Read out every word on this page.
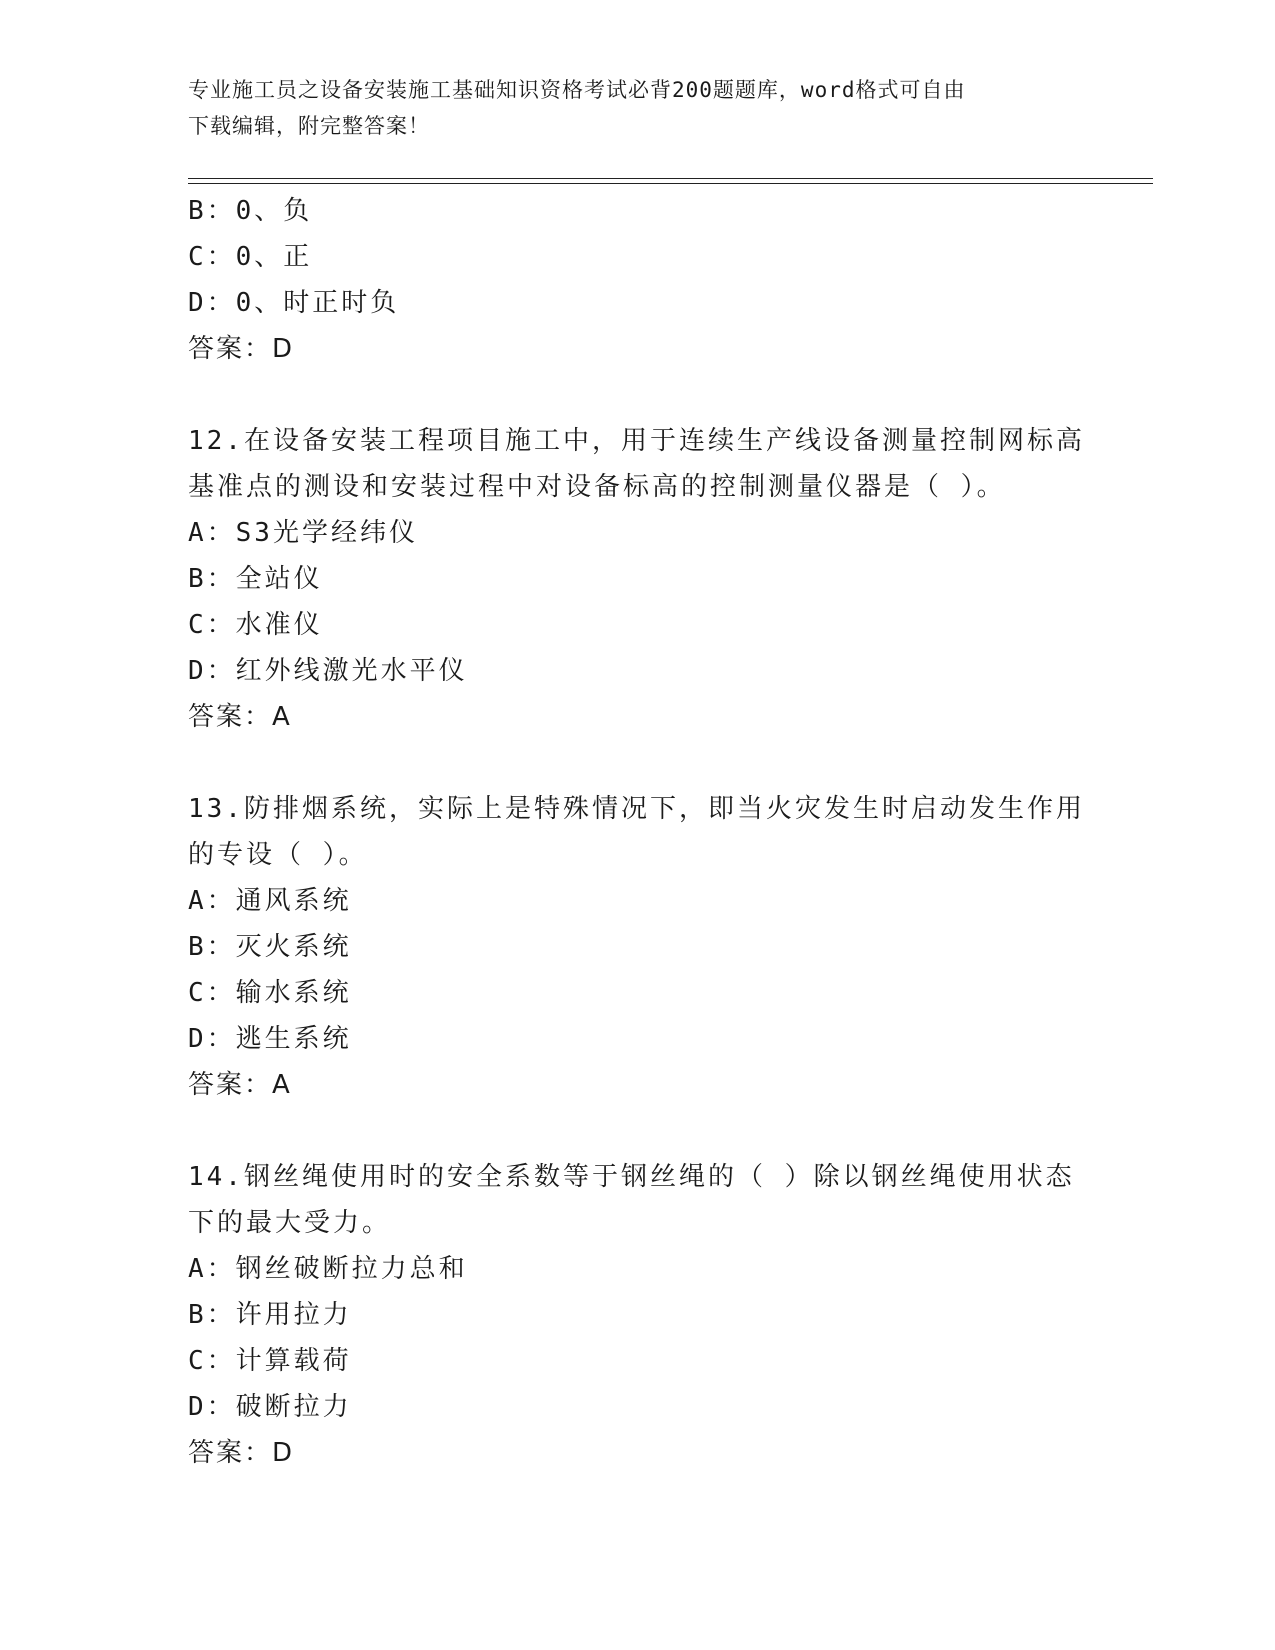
专业施工员之设备安装施工基础知识资格考试必背200题题库，word格式可自由
下载编辑，附完整答案！
B：0、负
C：0、正
D：0、时正时负
答案：D
12.在设备安装工程项目施工中，用于连续生产线设备测量控制网标高
基准点的测设和安装过程中对设备标高的控制测量仪器是（ ）。
A：S3光学经纬仪
B：全站仪
C：水准仪
D：红外线激光水平仪
答案：A
13.防排烟系统，实际上是特殊情况下，即当火灾发生时启动发生作用
的专设（ ）。
A：通风系统
B：灭火系统
C：输水系统
D：逃生系统
答案：A
14.钢丝绳使用时的安全系数等于钢丝绳的（ ）除以钢丝绳使用状态
下的最大受力。
A：钢丝破断拉力总和
B：许用拉力
C：计算载荷
D：破断拉力
答案：D
